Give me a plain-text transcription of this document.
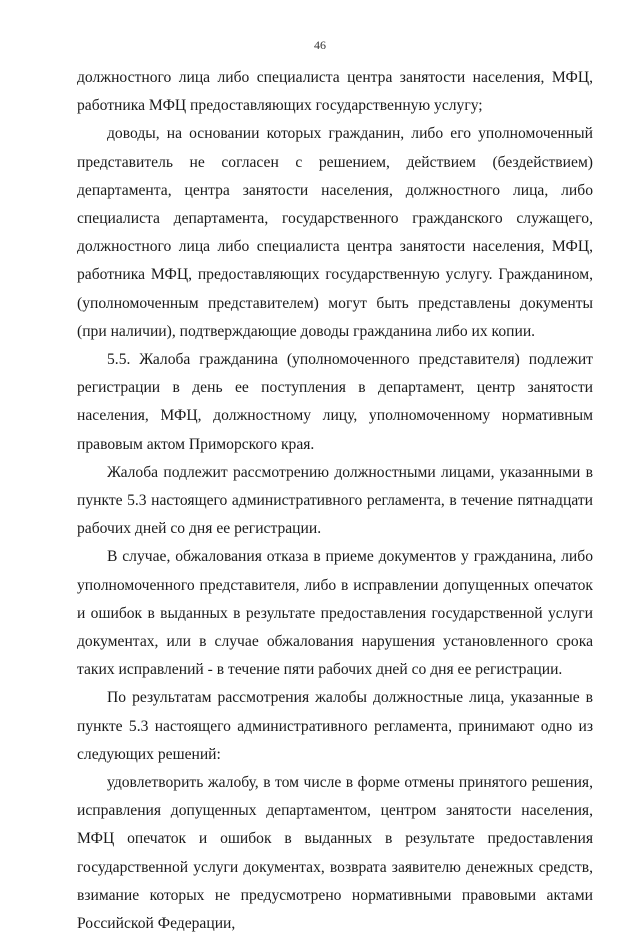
46

должностного лица либо специалиста центра занятости населения, МФЦ, работника МФЦ предоставляющих государственную услугу;

доводы, на основании которых гражданин, либо его уполномоченный представитель не согласен с решением, действием (бездействием) департамента, центра занятости населения, должностного лица, либо специалиста департамента, государственного гражданского служащего, должностного лица либо специалиста центра занятости населения, МФЦ, работника МФЦ, предоставляющих государственную услугу. Гражданином, (уполномоченным представителем) могут быть представлены документы (при наличии), подтверждающие доводы гражданина либо их копии.

5.5. Жалоба гражданина (уполномоченного представителя) подлежит регистрации в день ее поступления в департамент, центр занятости населения, МФЦ, должностному лицу, уполномоченному нормативным правовым актом Приморского края.

Жалоба подлежит рассмотрению должностными лицами, указанными в пункте 5.3 настоящего административного регламента, в течение пятнадцати рабочих дней со дня ее регистрации.

В случае, обжалования отказа в приеме документов у гражданина, либо уполномоченного представителя, либо в исправлении допущенных опечаток и ошибок в выданных в результате предоставления государственной услуги документах, или в случае обжалования нарушения установленного срока таких исправлений - в течение пяти рабочих дней со дня ее регистрации.

По результатам рассмотрения жалобы должностные лица, указанные в пункте 5.3 настоящего административного регламента, принимают одно из следующих решений:

удовлетворить жалобу, в том числе в форме отмены принятого решения, исправления допущенных департаментом, центром занятости населения, МФЦ опечаток и ошибок в выданных в результате предоставления государственной услуги документах, возврата заявителю денежных средств, взимание которых не предусмотрено нормативными правовыми актами Российской Федерации,
